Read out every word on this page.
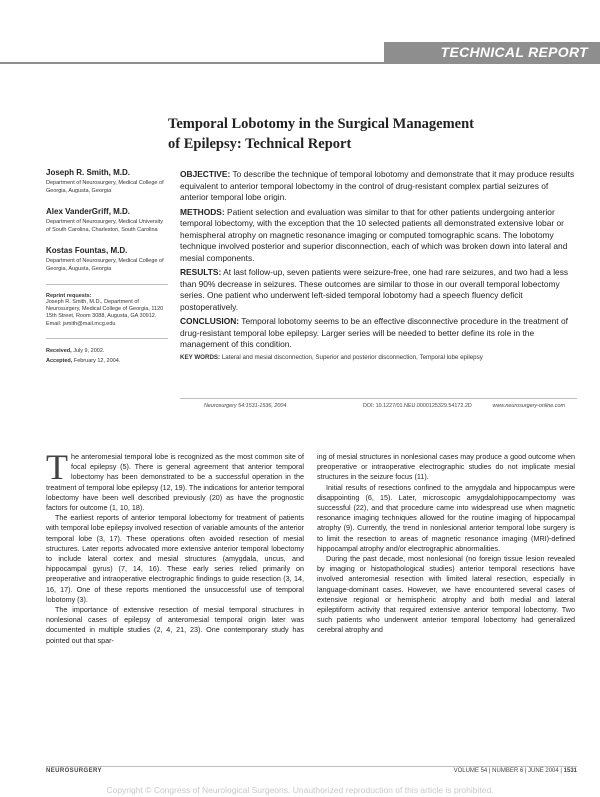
TECHNICAL REPORT
Temporal Lobotomy in the Surgical Management
of Epilepsy: Technical Report
Joseph R. Smith, M.D.
Department of Neurosurgery, Medical College of Georgia, Augusta, Georgia
Alex VanderGriff, M.D.
Department of Neurosurgery, Medical University of South Carolina, Charleston, South Carolina
Kostas Fountas, M.D.
Department of Neurosurgery, Medical College of Georgia, Augusta, Georgia
Reprint requests:
Joseph R. Smith, M.D., Department of Neurosurgery, Medical College of Georgia, 1120 15th Street, Room 3088, Augusta, GA 30912. Email: jsmith@mail.mcg.edu
Received, July 9, 2002.
Accepted, February 12, 2004.

OBJECTIVE: To describe the technique of temporal lobotomy and demonstrate that it may produce results equivalent to anterior temporal lobectomy in the control of drug-resistant complex partial seizures of anterior temporal lobe origin.

METHODS: Patient selection and evaluation was similar to that for other patients undergoing anterior temporal lobectomy, with the exception that the 10 selected patients all demonstrated extensive lobar or hemispheral atrophy on magnetic resonance imaging or computed tomographic scans. The lobotomy technique involved posterior and superior disconnection, each of which was broken down into lateral and mesial components.

RESULTS: At last follow-up, seven patients were seizure-free, one had rare seizures, and two had a less than 90% decrease in seizures. These outcomes are similar to those in our overall temporal lobectomy series. One patient who underwent left-sided temporal lobotomy had a speech fluency deficit postoperatively.

CONCLUSION: Temporal lobotomy seems to be an effective disconnective procedure in the treatment of drug-resistant temporal lobe epilepsy. Larger series will be needed to better define its role in the management of this condition.

KEY WORDS: Lateral and mesial disconnection, Superior and posterior disconnection, Temporal lobe epilepsy
Neurosurgery 54:1531-1536, 2004	DOI: 10.1227/01.NEU.0000125329.54172.2D	www.neurosurgery-online.com

The anteromesial temporal lobe is recognized as the most common site of focal epilepsy (5). There is general agreement that anterior temporal lobectomy has been demonstrated to be a successful operation in the treatment of temporal lobe epilepsy (12, 19). The indications for anterior temporal lobectomy have been well described previously (20) as have the prognostic factors for outcome (1, 10, 18).

The earliest reports of anterior temporal lobectomy for treatment of patients with temporal lobe epilepsy involved resection of variable amounts of the anterior temporal lobe (3, 17). These operations often avoided resection of mesial structures. Later reports advocated more extensive anterior temporal lobectomy to include lateral cortex and mesial structures (amygdala, uncus, and hippocampal gyrus) (7, 14, 16). These early series relied primarily on preoperative and intraoperative electrographic findings to guide resection (3, 14, 16, 17). One of these reports mentioned the unsuccessful use of temporal lobotomy (3).

The importance of extensive resection of mesial temporal structures in nonlesional cases of epilepsy of anteromesial temporal origin later was documented in multiple studies (2, 4, 21, 23). One contemporary study has pointed out that spar-

ing of mesial structures in nonlesional cases may produce a good outcome when preoperative or intraoperative electrographic studies do not implicate mesial structures in the seizure focus (11).

Initial results of resections confined to the amygdala and hippocampus were disappointing (6, 15). Later, microscopic amygdalohippocampectomy was successful (22), and that procedure came into widespread use when magnetic resonance imaging techniques allowed for the routine imaging of hippocampal atrophy (9). Currently, the trend in nonlesional anterior temporal lobe surgery is to limit the resection to areas of magnetic resonance imaging (MRI)-defined hippocampal atrophy and/or electrographic abnormalities.

During the past decade, most nonlesional (no foreign tissue lesion revealed by imaging or histopathological studies) anterior temporal resections have involved anteromesial resection with limited lateral resection, especially in language-dominant cases. However, we have encountered several cases of extensive regional or hemispheric atrophy and both medial and lateral epileptiform activity that required extensive anterior temporal lobectomy. Two such patients who underwent anterior temporal lobectomy had generalized cerebral atrophy and

NEUROSURGERY	VOLUME 54 | NUMBER 6 | JUNE 2004 | 1531
Copyright © Congress of Neurological Surgeons. Unauthorized reproduction of this article is prohibited.
